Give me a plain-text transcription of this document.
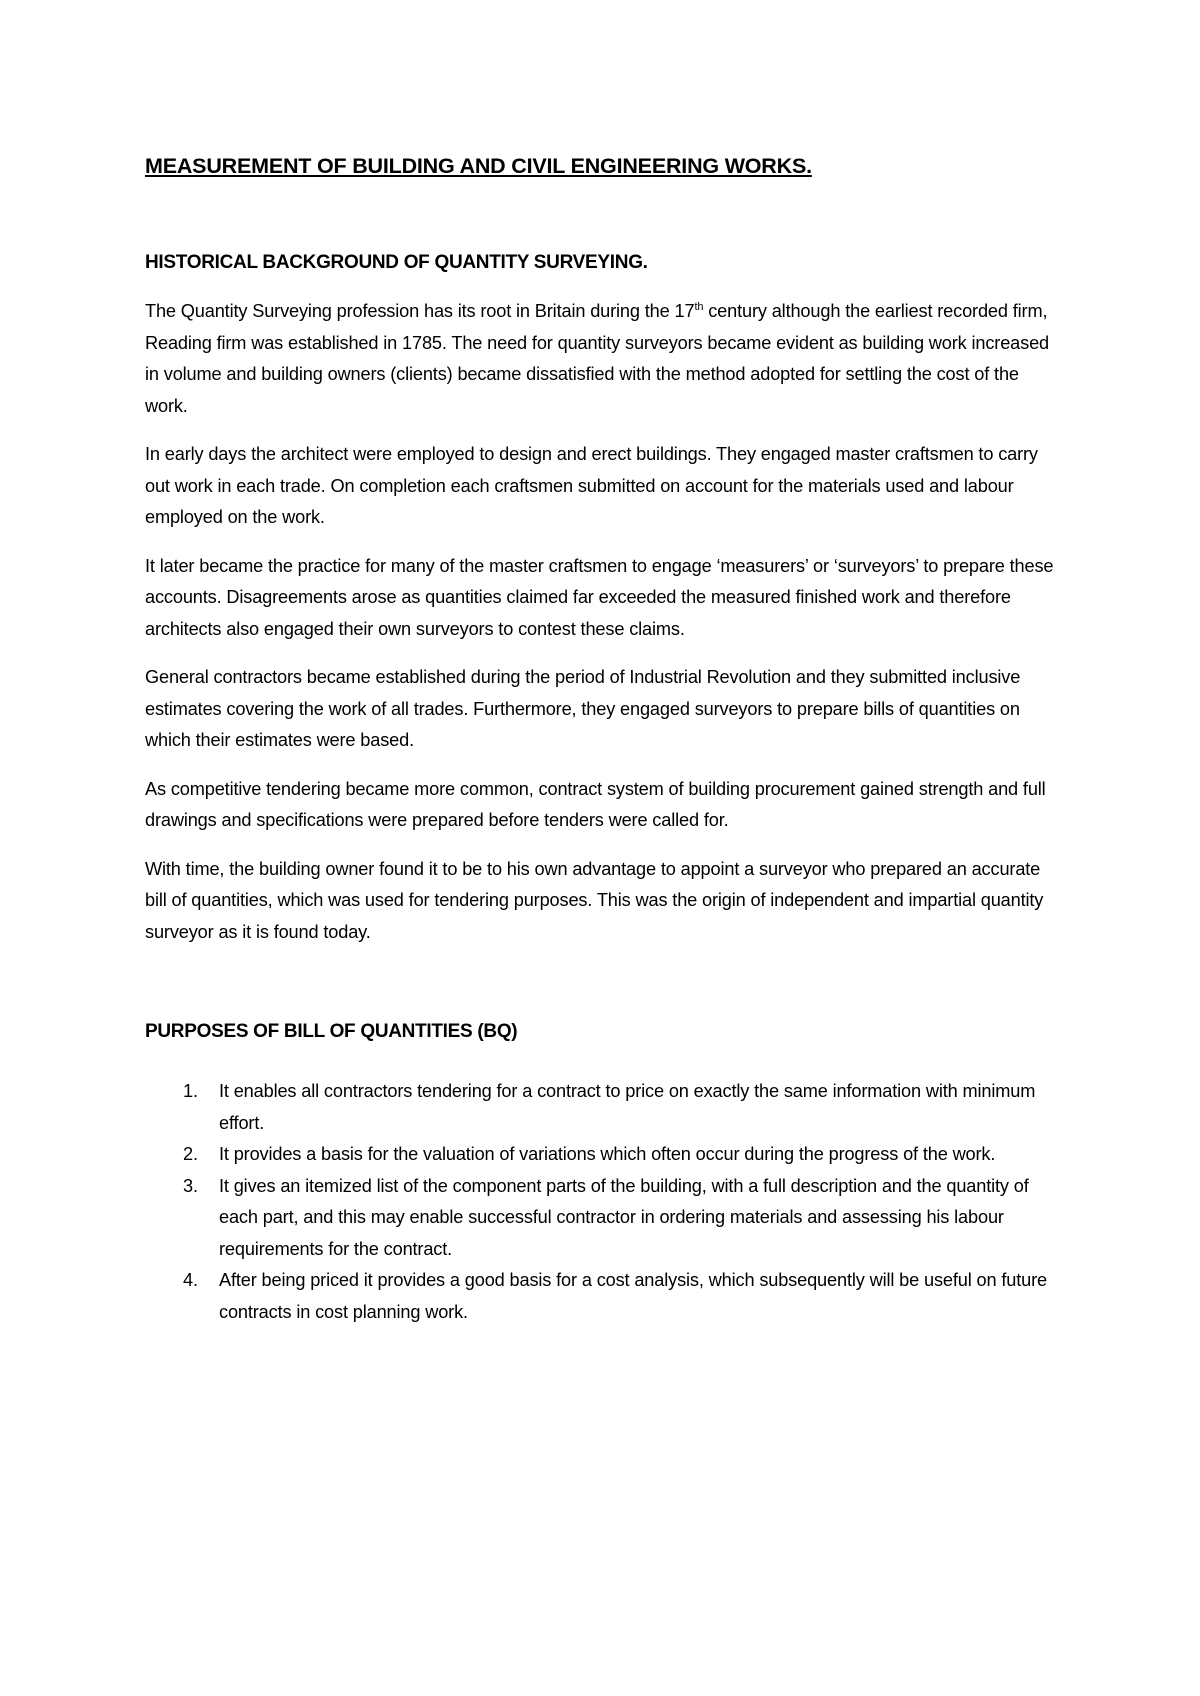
MEASUREMENT OF BUILDING AND CIVIL ENGINEERING WORKS.
HISTORICAL BACKGROUND OF QUANTITY SURVEYING.

The Quantity Surveying profession has its root in Britain during the 17th century although the earliest recorded firm, Reading firm was established in 1785. The need for quantity surveyors became evident as building work increased in volume and building owners (clients) became dissatisfied with the method adopted for settling the cost of the work.

In early days the architect were employed to design and erect buildings. They engaged master craftsmen to carry out work in each trade. On completion each craftsmen submitted on account for the materials used and labour employed on the work.

It later became the practice for many of the master craftsmen to engage ‘measurers’ or ‘surveyors’ to prepare these accounts. Disagreements arose as quantities claimed far exceeded the measured finished work and therefore architects also engaged their own surveyors to contest these claims.

General contractors became established during the period of Industrial Revolution and they submitted inclusive estimates covering the work of all trades. Furthermore, they engaged surveyors to prepare bills of quantities on which their estimates were based.

As competitive tendering became more common, contract system of building procurement gained strength and full drawings and specifications were prepared before tenders were called for.

With time, the building owner found it to be to his own advantage to appoint a surveyor who prepared an accurate bill of quantities, which was used for tendering purposes. This was the origin of independent and impartial quantity surveyor as it is found today.

PURPOSES OF BILL OF QUANTITIES (BQ)
1. It enables all contractors tendering for a contract to price on exactly the same information with minimum effort.
2. It provides a basis for the valuation of variations which often occur during the progress of the work.
3. It gives an itemized list of the component parts of the building, with a full description and the quantity of each part, and this may enable successful contractor in ordering materials and assessing his labour requirements for the contract.
4. After being priced it provides a good basis for a cost analysis, which subsequently will be useful on future contracts in cost planning work.
